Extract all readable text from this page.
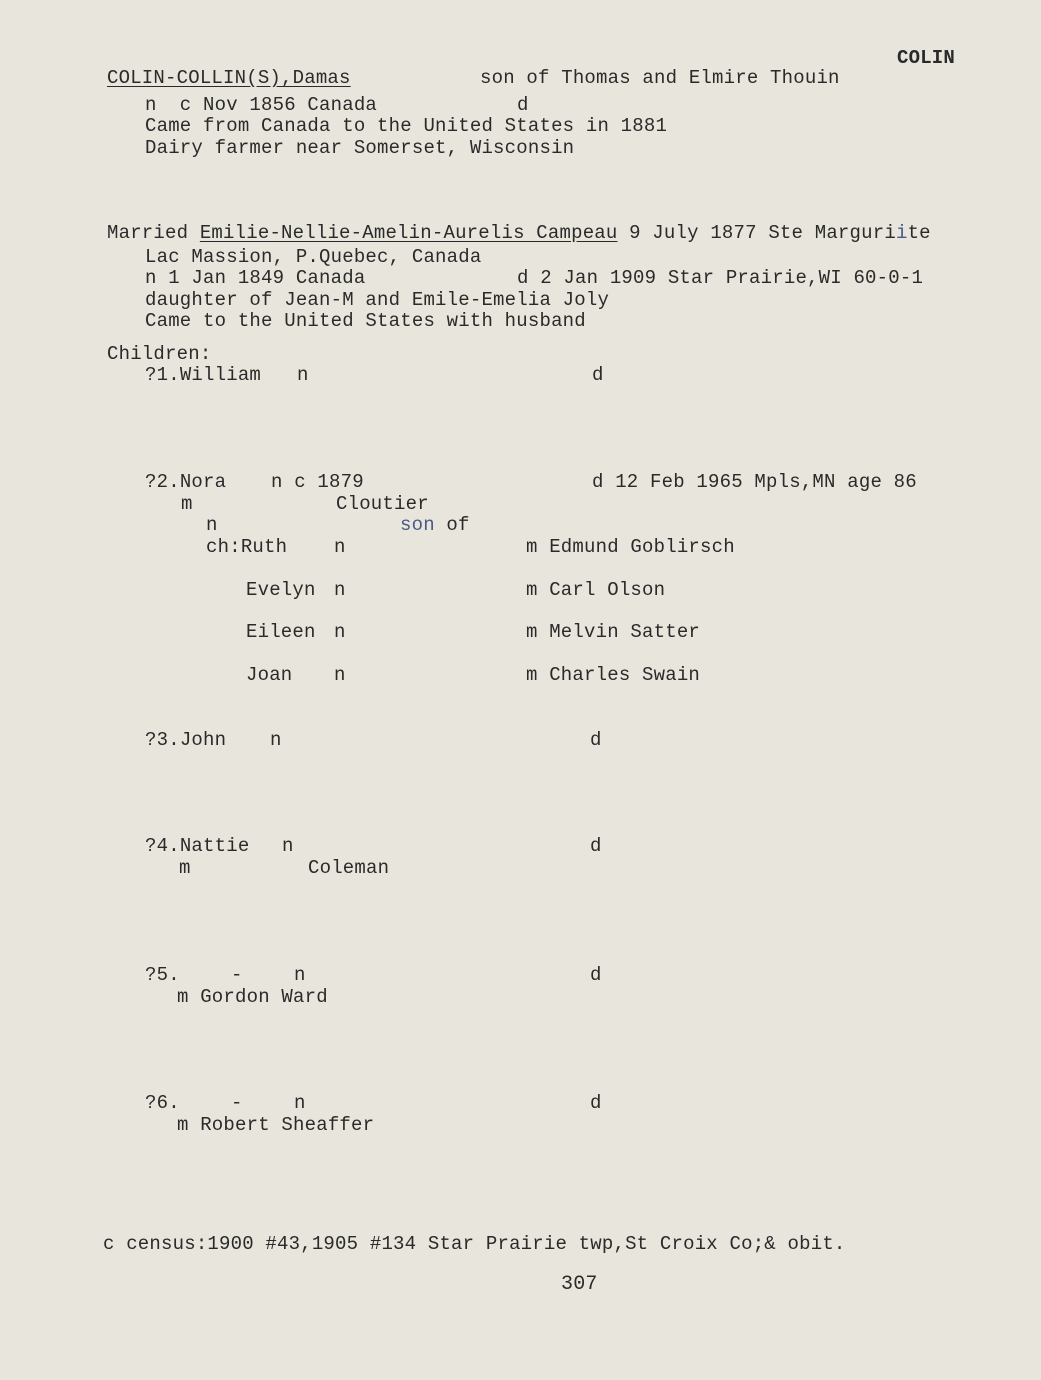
COLIN
COLIN-COLLIN(S),Damas	son of Thomas and Elmire Thouin
n  c Nov 1856 Canada	d
Came from Canada to the United States in 1881
Dairy farmer near Somerset, Wisconsin
Married Emilie-Nellie-Amelin-Aurelis Campeau 9 July 1877 Ste Marguriite
Lac Massion, P.Quebec, Canada
n 1 Jan 1849 Canada	d 2 Jan 1909 Star Prairie,WI 60-0-1
daughter of Jean-M and Emile-Emelia Joly
Came to the United States with husband
Children:
?1.William n	d
?2.Nora n c 1879	d 12 Feb 1965 Mpls,MN age 86
m	Cloutier
n	son of
ch:Ruth n	m Edmund Goblirsch
Evelyn n	m Carl Olson
Eileen n	m Melvin Satter
Joan n	m Charles Swain
?3.John n	d
?4.Nattie n	d
m	Coleman
?5.	-	n	d
m Gordon Ward
?6.	-	n	d
m Robert Sheaffer
c census:1900 #43,1905 #134 Star Prairie twp,St Croix Co;& obit.
307
